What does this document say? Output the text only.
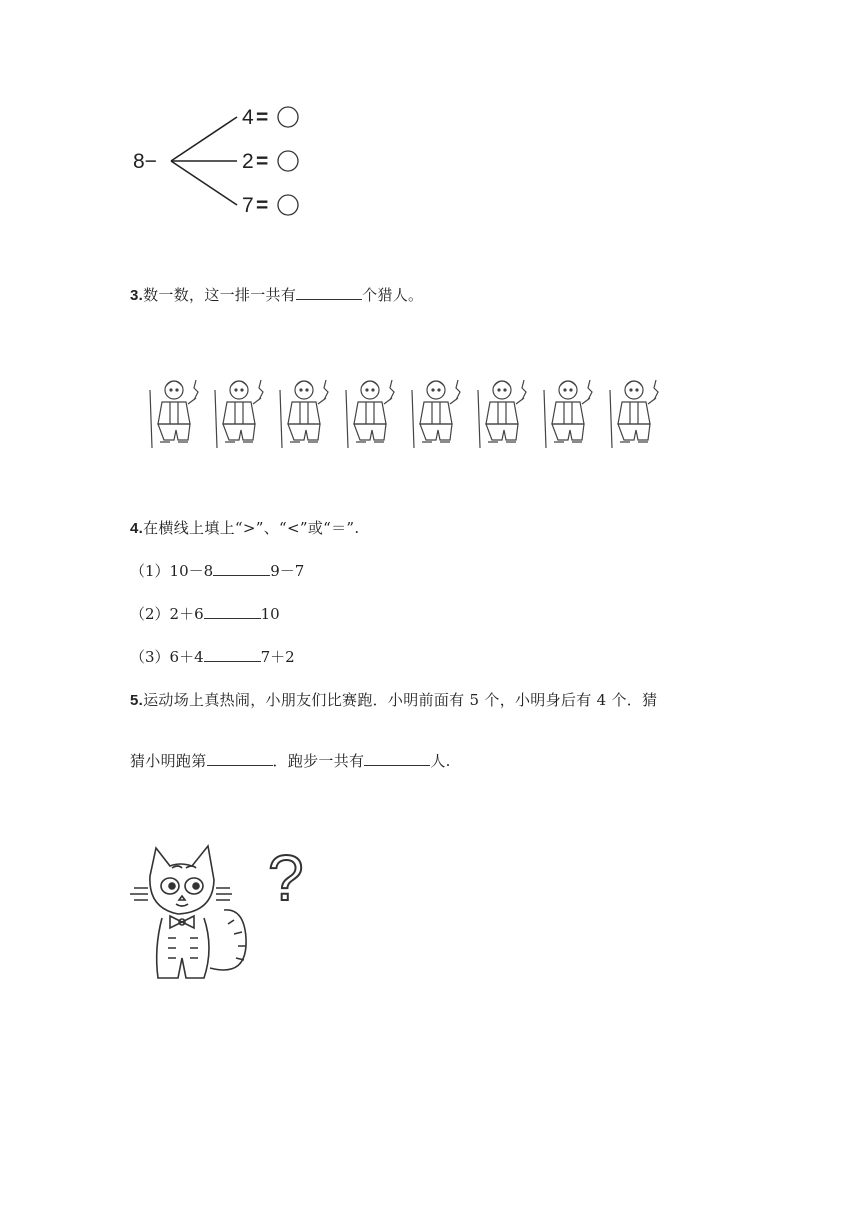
8−
4 =
2 =
7 =
3.数一数，这一排一共有	个猎人。
4.在横线上填上“>”、“<”或“＝”.
（1）10－8	9－7
（2）2＋6	10
（3）6＋4	7＋2
5.运动场上真热闹，小朋友们比赛跑．小明前面有 5 个，小明身后有 4 个．猜
猜小明跑第	．跑步一共有	人.
?
